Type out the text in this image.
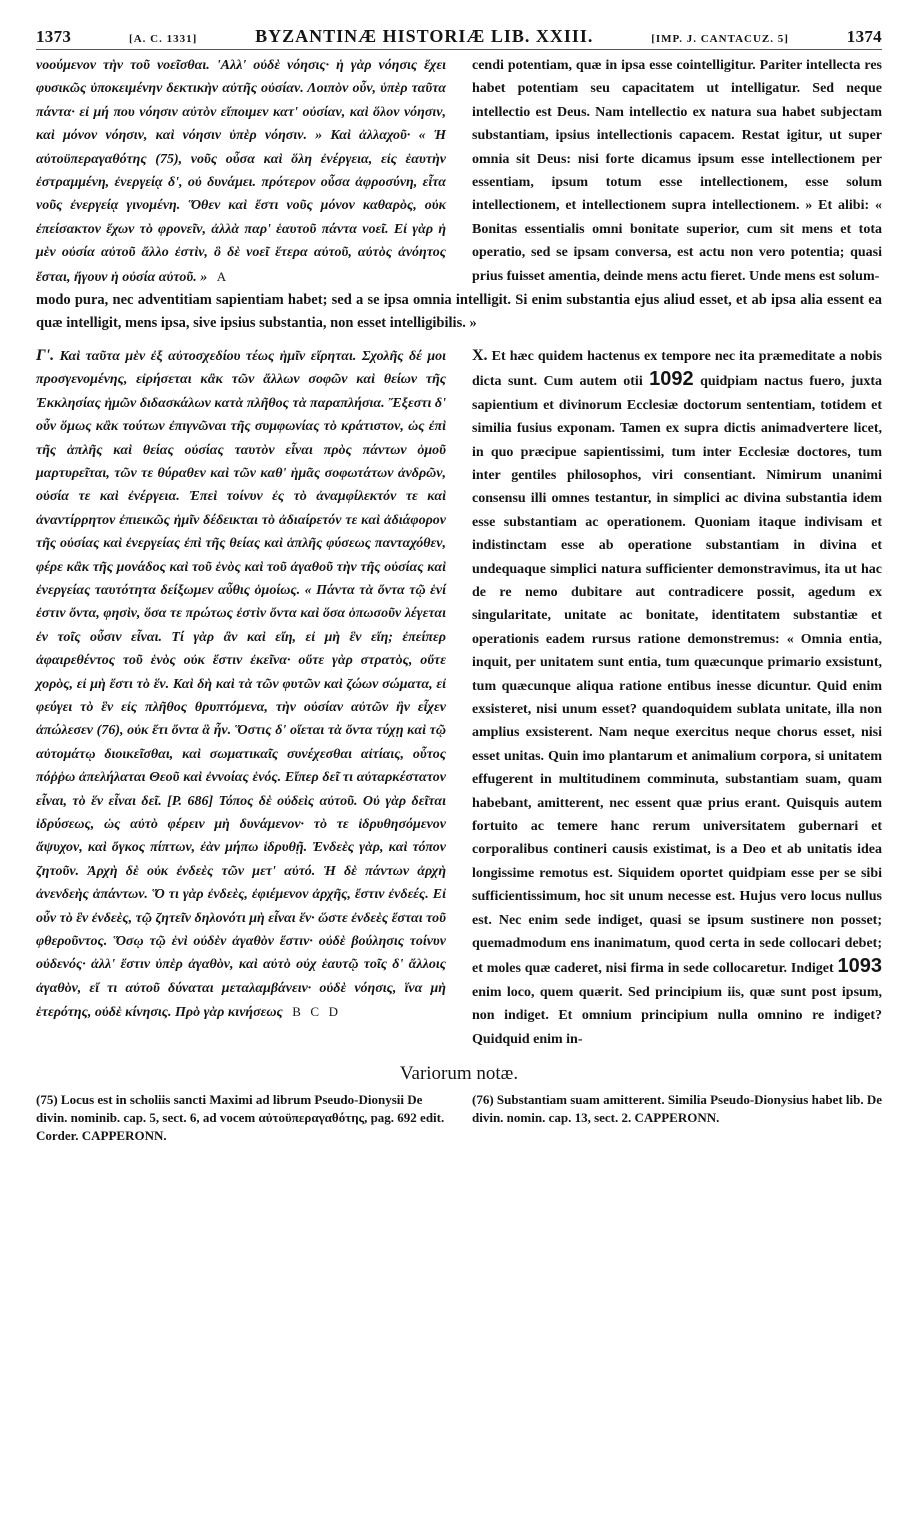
1373	[A. C. 1331]	BYZANTINÆ HISTORIÆ LIB. XXIII.	[IMP. J. CANTACUZ. 5]	1374
νοούμενον τὴν τοῦ νοεῖσθαι. 'Αλλ' οὐδὲ νόησις· ἡ γὰρ νόησις ἔχει φυσικῶς ὑποκειμένην δεκτικὴν αὐτῆς οὐσίαν. Λοιπὸν οὖν, ὑπὲρ ταῦτα πάντα· εἰ μή που νόησιν αὐτὸν εἴποιμεν κατ' οὐσίαν, καὶ ὅλον νόησιν, καὶ μόνον νόησιν, καὶ νόησιν ὑπὲρ νόησιν. » Καὶ ἀλλαχοῦ· « Ἡ αὐτοϋπεραγαθότης (75), νοῦς οὖσα καὶ ὅλη ἐνέργεια, εἰς ἑαυτὴν ἐστραμμένη, ἐνεργείᾳ δ', οὐ δυνάμει. πρότερον οὖσα ἀφροσύνη, εἶτα νοῦς ἐνεργείᾳ γινομένη. Ὅθεν καὶ ἔστι νοῦς μόνον καθαρὸς, οὐκ ἐπείσακτον ἔχων τὸ φρονεῖν, ἀλλὰ παρ' ἑαυτοῦ πάντα νοεῖ. Εἰ γὰρ ἡ μὲν οὐσία αὐτοῦ ἄλλο ἐστὶν, ὃ δὲ νοεῖ ἕτερα αὐτοῦ, αὐτὸς ἀνόητος ἔσται, ἤγουν ἡ οὐσία αὐτοῦ. » A
cendi potentiam, quæ in ipsa esse cointelligitur. Pariter intellecta res habet potentiam seu capacitatem ut intelligatur. Sed neque intellectio est Deus. Nam intellectio ex natura sua habet subjectam substantiam, ipsius intellectionis capacem. Restat igitur, ut super omnia sit Deus: nisi forte dicamus ipsum esse intellectionem per essentiam, ipsum totum esse intellectionem, esse solum intellectionem, et intellectionem supra intellectionem. » Et alibi: « Bonitas essentialis omni bonitate superior, cum sit mens et tota operatio, sed se ipsam conversa, est actu non vero potentia; quasi prius fuisset amentia, deinde mens actu fieret. Unde mens est solum-
modo pura, nec adventitiam sapientiam habet; sed a se ipsa omnia intelligit. Si enim substantia ejus aliud esset, et ab ipsa alia essent ea quæ intelligit, mens ipsa, sive ipsius substantia, non esset intelligibilis. »
Γ'. Καὶ ταῦτα μὲν ἐξ αὐτοσχεδίου τέως ἡμῖν εἴρηται. Σχολῆς δέ μοι προσγενομένης, εἰρήσεται κἂκ τῶν ἄλλων σοφῶν καὶ θείων τῆς Ἐκκλησίας ἡμῶν διδασκάλων κατὰ πλῆθος τὰ παραπλήσια. Ἔξεστι δ' οὖν ὅμως κἂκ τούτων ἐπιγνῶναι τῆς συμφωνίας τὸ κράτιστον, ὡς ἐπὶ τῆς ἁπλῆς καὶ θείας οὐσίας ταυτὸν εἶναι πρὸς πάντων ὁμοῦ μαρτυρεῖται, τῶν τε θύραθεν καὶ τῶν καθ' ἡμᾶς σοφωτάτων ἀνδρῶν, οὐσία τε καὶ ἐνέργεια. Ἐπεὶ τοίνυν ἐς τὸ ἀναμφίλεκτόν τε καὶ ἀναντίρρητον ἐπιεικῶς ἡμῖν δέδεικται τὸ ἀδιαίρετόν τε καὶ ἀδιάφορον τῆς οὐσίας καὶ ἐνεργείας ἐπὶ τῆς θείας καὶ ἁπλῆς φύσεως πανταχόθεν, φέρε κἂκ τῆς μονάδος καὶ τοῦ ἑνὸς καὶ τοῦ ἀγαθοῦ τὴν τῆς οὐσίας καὶ ἐνεργείας ταυτότητα δείξωμεν αὖθις ὁμοίως. « Πάντα τὰ ὄντα τῷ ἑνί ἐστιν ὄντα, φησὶν, ὅσα τε πρώτως ἐστὶν ὄντα καὶ ὅσα ὁπωσοῦν λέγεται ἐν τοῖς οὖσιν εἶναι. Τί γὰρ ἂν καὶ εἴη, εἰ μὴ ἓν εἴη; ἐπείπερ ἀφαιρεθέντος τοῦ ἑνὸς οὐκ ἔστιν ἐκεῖνα· οὔτε γὰρ στρατὸς, οὔτε χορὸς, εἰ μὴ ἔστι τὸ ἕν. Καὶ δὴ καὶ τὰ τῶν φυτῶν καὶ ζώων σώματα, εἰ φεύγει τὸ ἓν εἰς πλῆθος θρυπτόμενα, τὴν οὐσίαν αὐτῶν ἣν εἶχεν ἀπώλεσεν (76), οὐκ ἔτι ὄντα ἃ ἦν. Ὅστις δ' οἴεται τὰ ὄντα τύχῃ καὶ τῷ αὐτομάτῳ διοικεῖσθαι, καὶ σωματικαῖς συνέχεσθαι αἰτίαις, οὗτος πόῤῥω ἀπελήλαται Θεοῦ καὶ ἐννοίας ἑνός. Εἴπερ δεῖ τι αὐταρκέστατον εἶναι, τὸ ἕν εἶναι δεῖ. [P. 686] Τόπος δὲ οὐδεὶς αὐτοῦ. Οὐ γὰρ δεῖται ἱδρύσεως, ὡς αὐτὸ φέρειν μὴ δυνάμενον· τὸ τε ἱδρυθησόμενον ἄψυχον, καὶ ὄγκος πίπτων, ἐὰν μήπω ἱδρυθῇ. Ἐνδεὲς γὰρ, καὶ τόπον ζητοῦν. Ἀρχὴ δὲ οὐκ ἐνδεὲς τῶν μετ' αὐτό. Ἡ δὲ πάντων ἀρχὴ ἀνενδεὴς ἁπάντων. Ὅ τι γὰρ ἐνδεὲς, ἐφιέμενον ἀρχῆς, ἔστιν ἐνδεές. Εἰ οὖν τὸ ἓν ἐνδεὲς, τῷ ζητεῖν δηλονότι μὴ εἶναι ἕν· ὥστε ἐνδεὲς ἔσται τοῦ φθεροῦντος. Ὅσῳ τῷ ἑνὶ οὐδὲν ἀγαθὸν ἔστιν· οὐδὲ βούλησις τοίνυν οὐδενός· ἀλλ' ἔστιν ὑπὲρ ἀγαθὸν, καὶ αὐτὸ οὐχ ἑαυτῷ τοῖς δ' ἄλλοις ἀγαθὸν, εἴ τι αὐτοῦ δύναται μεταλαμβάνειν· οὐδὲ νόησις, ἵνα μὴ ἑτερότης, οὐδὲ κίνησις. Πρὸ γὰρ κινήσεως B C D
X. Et hæc quidem hactenus ex tempore nec ita præmeditate a nobis dicta sunt. Cum autem otii 1092 quidpiam nactus fuero, juxta sapientium et divinorum Ecclesiæ doctorum sententiam, totidem et similia fusius exponam. Tamen ex supra dictis animadvertere licet, in quo præcipue sapientissimi, tum inter Ecclesiæ doctores, tum inter gentiles philosophos, viri consentiant. Nimirum unanimi consensu illi omnes testantur, in simplici ac divina substantia idem esse substantiam ac operationem. Quoniam itaque indivisam et indistinctam esse ab operatione substantiam in divina et undequaque simplici natura sufficienter demonstravimus, ita ut hac de re nemo dubitare aut contradicere possit, agedum ex singularitate, unitate ac bonitate, identitatem substantiæ et operationis eadem rursus ratione demonstremus: « Omnia entia, inquit, per unitatem sunt entia, tum quæcunque primario exsistunt, tum quæcunque aliqua ratione entibus inesse dicuntur. Quid enim exsisteret, nisi unum esset? quandoquidem sublata unitate, illa non amplius exsisterent. Nam neque exercitus neque chorus esset, nisi esset unitas. Quin imo plantarum et animalium corpora, si unitatem effugerent in multitudinem comminuta, substantiam suam, quam habebant, amitterent, nec essent quæ prius erant. Quisquis autem fortuito ac temere hanc rerum universitatem gubernari et corporalibus contineri causis existimat, is a Deo et ab unitatis idea longissime remotus est. Siquidem oportet quidpiam esse per se sibi sufficientissimum, hoc sit unum necesse est. Hujus vero locus nullus est. Nec enim sede indiget, quasi se ipsum sustinere non posset; quemadmodum ens inanimatum, quod certa in sede collocari debet; et moles quæ caderet, nisi firma in sede collocaretur. Indiget 1093 enim loco, quem quærit. Sed principium iis, quæ sunt post ipsum, non indiget. Et omnium principium nulla omnino re indiget? Quidquid enim in-
Variorum notæ.
(75) Locus est in scholiis sancti Maximi ad librum Pseudo-Dionysii De divin. nominib. cap. 5, sect. 6, ad vocem αὐτοϋπεραγαθότης, pag. 692 edit. Corder. CAPPERONN.
(76) Substantiam suam amitterent. Similia Pseudo-Dionysius habet lib. De divin. nomin. cap. 13, sect. 2. CAPPERONN.
